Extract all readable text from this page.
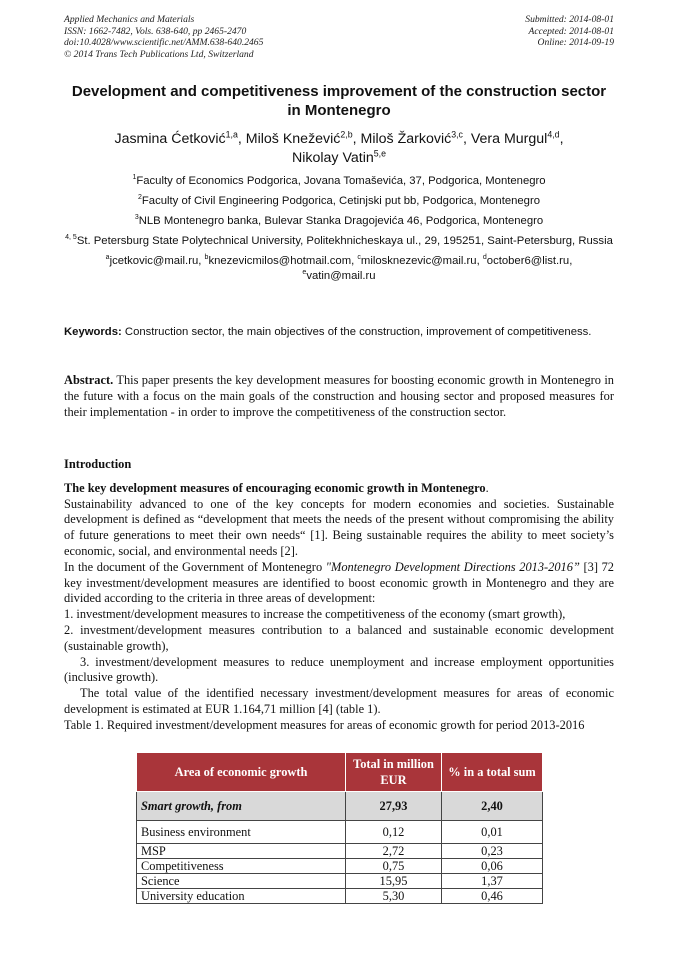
Applied Mechanics and Materials
ISSN: 1662-7482, Vols. 638-640, pp 2465-2470
doi:10.4028/www.scientific.net/AMM.638-640.2465
© 2014 Trans Tech Publications Ltd, Switzerland
Submitted: 2014-08-01
Accepted: 2014-08-01
Online: 2014-09-19
Development and competitiveness improvement of the construction sector in Montenegro
Jasmina Ćetković$^{1,a}$, Miloš Knežević$^{2,b}$, Miloš Žarković$^{3,c}$, Vera Murgul$^{4,d}$,
Nikolay Vatin$^{5,e}$
$^1$Faculty of Economics Podgorica, Jovana Tomaševića, 37, Podgorica, Montenegro
$^2$Faculty of Civil Engineering Podgorica, Cetinjski put bb, Podgorica, Montenegro
$^3$NLB Montenegro banka, Bulevar Stanka Dragojevića 46, Podgorica, Montenegro
$^{4, 5}$St. Petersburg State Polytechnical University, Politekhnicheskaya ul., 29, 195251, Saint-Petersburg, Russia
$^a$jcetkovic@mail.ru, $^b$knezevicmilos@hotmail.com, $^c$milosknezevic@mail.ru, $^d$october6@list.ru,
$^e$vatin@mail.ru
Keywords: Construction sector, the main objectives of the construction, improvement of competitiveness.
Abstract. This paper presents the key development measures for boosting economic growth in Montenegro in the future with a focus on the main goals of the construction and housing sector and proposed measures for their implementation - in order to improve the competitiveness of the construction sector.

Introduction

The key development measures of encouraging economic growth in Montenegro.

Sustainability advanced to one of the key concepts for modern economies and societies. Sustainable development is defined as “development that meets the needs of the present without compromising the ability of future generations to meet their own needs“ [1]. Being sustainable requires the ability to meet society’s economic, social, and environmental needs [2].

In the document of the Government of Montenegro "Montenegro Development Directions 2013-2016” [3] 72 key investment/development measures are identified to boost economic growth in Montenegro and they are divided according to the criteria in three areas of development:

1. investment/development measures to increase the competitiveness of the economy (smart growth),

2. investment/development measures contribution to a balanced and sustainable economic development (sustainable growth),

3. investment/development measures to reduce unemployment and increase employment opportunities (inclusive growth).

The total value of the identified necessary investment/development measures for areas of economic development is estimated at EUR 1.164,71 million [4] (table 1).

Table 1. Required investment/development measures for areas of economic growth for period 2013-2016

Area of economic growth	Total in million EUR	% in a total sum
Smart growth, from	27,93	2,40
Business environment	0,12	0,01
MSP	2,72	0,23
Competitiveness	0,75	0,06
Science	15,95	1,37
University education	5,30	0,46
